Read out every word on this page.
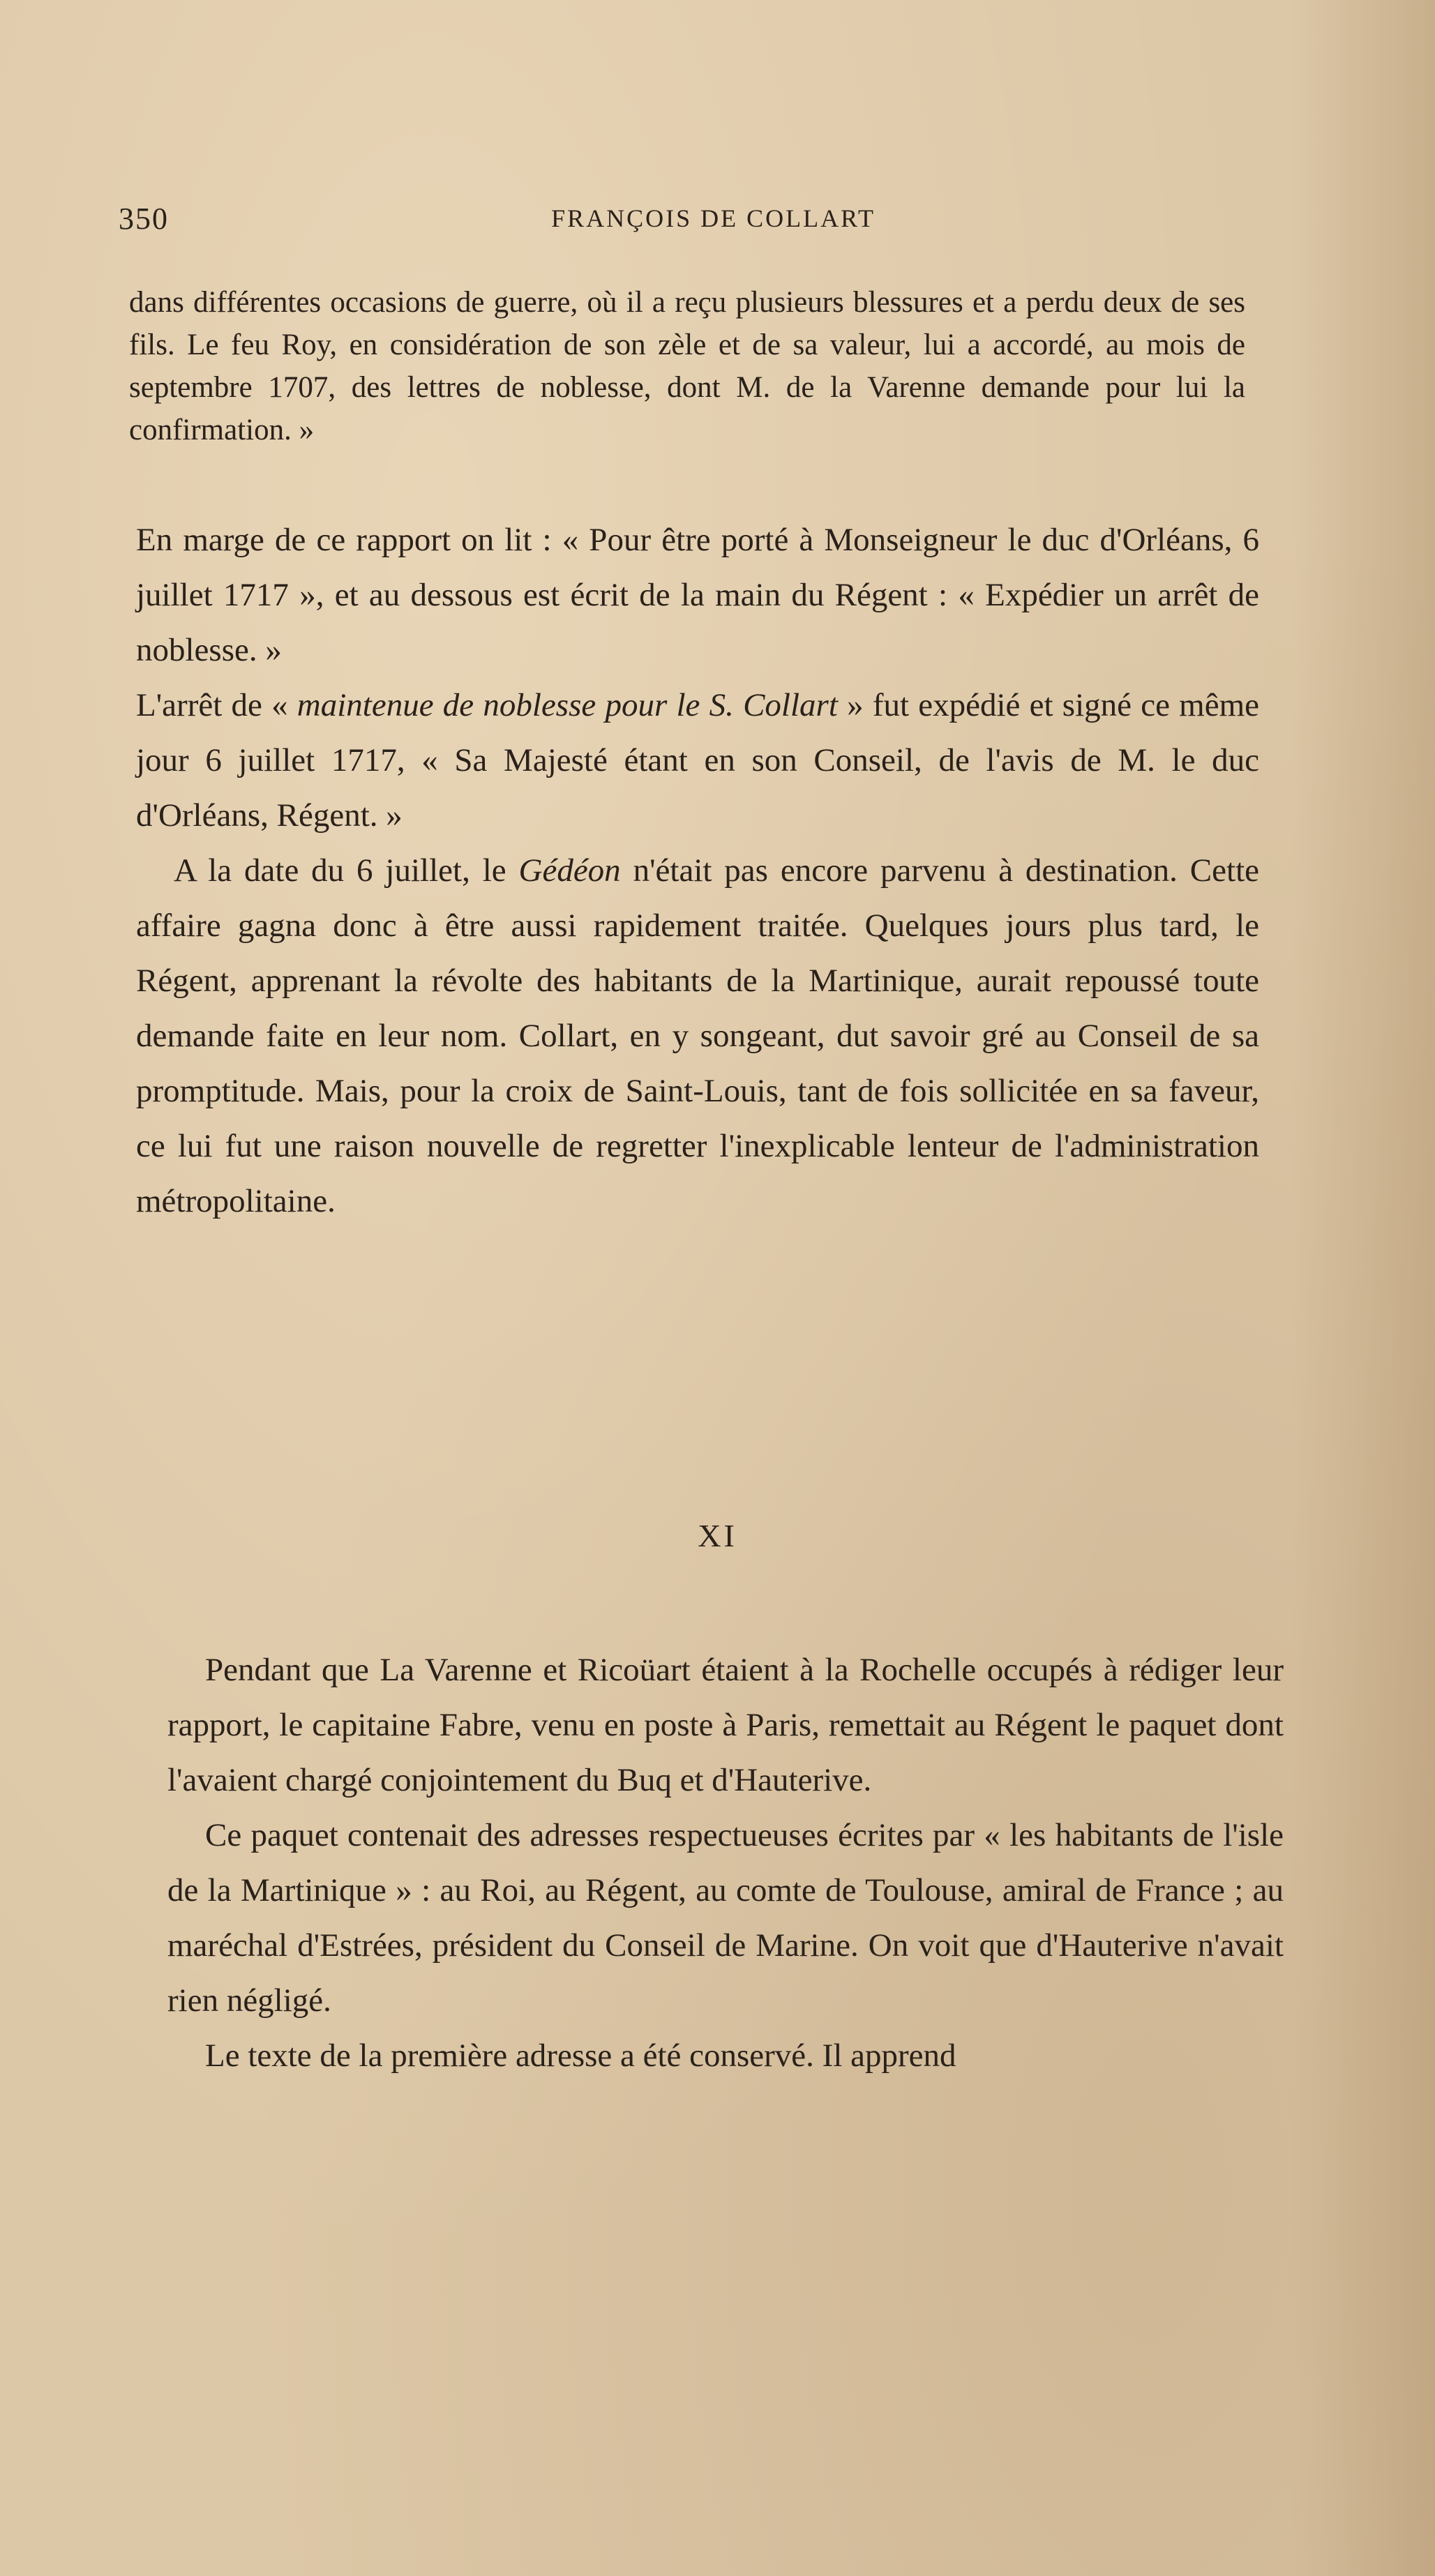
350	FRANÇOIS DE COLLART

dans différentes occasions de guerre, où il a reçu plusieurs blessures et a perdu deux de ses fils. Le feu Roy, en considération de son zèle et de sa valeur, lui a accordé, au mois de septembre 1707, des lettres de noblesse, dont M. de la Varenne demande pour lui la confirmation. »

En marge de ce rapport on lit : « Pour être porté à Monseigneur le duc d'Orléans, 6 juillet 1717 », et au dessous est écrit de la main du Régent : « Expédier un arrêt de noblesse. »

L'arrêt de « maintenue de noblesse pour le S. Collart » fut expédié et signé ce même jour 6 juillet 1717, « Sa Majesté étant en son Conseil, de l'avis de M. le duc d'Orléans, Régent. »

A la date du 6 juillet, le Gédéon n'était pas encore parvenu à destination. Cette affaire gagna donc à être aussi rapidement traitée. Quelques jours plus tard, le Régent, apprenant la révolte des habitants de la Martinique, aurait repoussé toute demande faite en leur nom. Collart, en y songeant, dut savoir gré au Conseil de sa promptitude. Mais, pour la croix de Saint-Louis, tant de fois sollicitée en sa faveur, ce lui fut une raison nouvelle de regretter l'inexplicable lenteur de l'administration métropolitaine.

XI

Pendant que La Varenne et Ricoüart étaient à la Rochelle occupés à rédiger leur rapport, le capitaine Fabre, venu en poste à Paris, remettait au Régent le paquet dont l'avaient chargé conjointement du Buq et d'Hauterive.

Ce paquet contenait des adresses respectueuses écrites par « les habitants de l'isle de la Martinique » : au Roi, au Régent, au comte de Toulouse, amiral de France ; au maréchal d'Estrées, président du Conseil de Marine. On voit que d'Hauterive n'avait rien négligé.

Le texte de la première adresse a été conservé. Il apprend
